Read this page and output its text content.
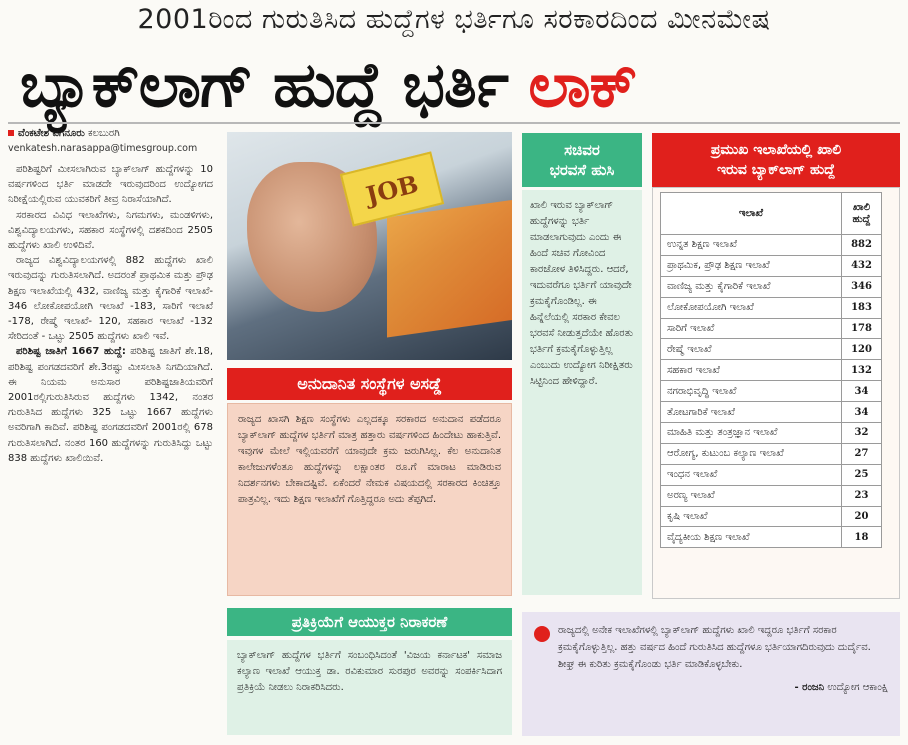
2001ರಿಂದ ಗುರುತಿಸಿದ ಹುದ್ದೆಗಳ ಭರ್ತಿಗೂ ಸರಕಾರದಿಂದ ಮೀನಮೇಷ
ಬ್ಯಾಕ್‌ಲಾಗ್ ಹುದ್ದೆ ಭರ್ತಿ ಲಾಕ್
ವೆಂಕಟೇಶ ವಗನೂರು ಕಲಬುರಗಿ
venkatesh.narasappa@timesgroup.com

ಪರಿಶಿಷ್ಟರಿಗೆ ಮೀಸಲಾಗಿರುವ ಬ್ಯಾಕ್‌ಲಾಗ್ ಹುದ್ದೆಗಳನ್ನು 10 ವರ್ಷಗಳಿಂದ ಭರ್ತಿ ಮಾಡದೇ ಇರುವುದರಿಂದ ಉದ್ಯೋಗದ ನಿರೀಕ್ಷೆಯಲ್ಲಿರುವ ಯುವಕರಿಗೆ ತೀವ್ರ ನಿರಾಸೆಯಾಗಿದೆ.

ಸರಕಾರದ ವಿವಿಧ ಇಲಾಖೆಗಳು, ನಿಗಮಗಳು, ಮಂಡಳಿಗಳು, ವಿಶ್ವವಿದ್ಯಾಲಯಗಳು, ಸಹಕಾರ ಸಂಸ್ಥೆಗಳಲ್ಲಿ ದಶಕದಿಂದ 2505 ಹುದ್ದೆಗಳು ಖಾಲಿ ಉಳಿದಿವೆ.

ರಾಜ್ಯದ ವಿಶ್ವವಿದ್ಯಾಲಯಗಳಲ್ಲಿ 882 ಹುದ್ದೆಗಳು ಖಾಲಿ ಇರುವುದನ್ನು ಗುರುತಿಸಲಾಗಿದೆ. ಅದರಂತೆ ಪ್ರಾಥಮಿಕ ಮತ್ತು ಪ್ರೌಢ ಶಿಕ್ಷಣ ಇಲಾಖೆಯಲ್ಲಿ 432, ವಾಣಿಜ್ಯ ಮತ್ತು ಕೈಗಾರಿಕೆ ಇಲಾಖೆ- 346 ಲೋಕೋಪಯೋಗಿ ಇಲಾಖೆ -183, ಸಾರಿಗೆ ಇಲಾಖೆ -178, ರೇಷ್ಮೆ ಇಲಾಖೆ- 120, ಸಹಕಾರ ಇಲಾಖೆ -132 ಸೇರಿದಂತೆ - ಒಟ್ಟು 2505 ಹುದ್ದೆಗಳು ಖಾಲಿ ಇವೆ.

ಪರಿಶಿಷ್ಟ ಜಾತಿಗೆ 1667 ಹುದ್ದೆ: ಪರಿಶಿಷ್ಟ ಜಾತಿಗೆ ಶೇ.18, ಪರಿಶಿಷ್ಟ ಪಂಗಡದವರಿಗೆ ಶೇ.3ರಷ್ಟು ಮೀಸಲಾತಿ ನಿಗದಿಯಾಗಿದೆ. ಈ ನಿಯಮ ಅನುಸಾರ ಪರಿಶಿಷ್ಟಜಾತಿಯವರಿಗೆ 2001ರಲ್ಲಿಗುರುತಿಸಿರುವ ಹುದ್ದೆಗಳು 1342, ನಂತರ ಗುರುತಿಸಿದ ಹುದ್ದೆಗಳು 325 ಒಟ್ಟು 1667 ಹುದ್ದೆಗಳು ಅವರಿಗಾಗಿ ಕಾದಿವೆ. ಪರಿಶಿಷ್ಟ ಪಂಗಡದವರಿಗೆ 2001ರಲ್ಲಿ 678 ಗುರುತಿಸಲಾಗಿದೆ. ನಂತರ 160 ಹುದ್ದೆಗಳನ್ನು ಗುರುತಿಸಿದ್ದು ಒಟ್ಟು 838 ಹುದ್ದೆಗಳು ಖಾಲಿಯಿವೆ.

JOB
ಅನುದಾನಿತ ಸಂಸ್ಥೆಗಳ ಅಸಡ್ಡೆ
ರಾಜ್ಯದ ಖಾಸಗಿ ಶಿಕ್ಷಣ ಸಂಸ್ಥೆಗಳು ಎಲ್ಲದಕ್ಕೂ ಸರಕಾರದ ಅನುದಾನ ಪಡೆದರೂ ಬ್ಯಾಕ್‌ಲಾಗ್ ಹುದ್ದೆಗಳ ಭರ್ತಿಗೆ ಮಾತ್ರ ಹತ್ತಾರು ವರ್ಷಗಳಿಂದ ಹಿಂದೇಟು ಹಾಕುತ್ತಿವೆ. ಇವುಗಳ ಮೇಲೆ ಇಲ್ಲಿಯವರೆಗೆ ಯಾವುದೇ ಕ್ರಮ ಜರುಗಿಸಿಲ್ಲ. ಕೆಲ ಅನುದಾನಿತ ಕಾಲೇಜುಗಳೆಂತೂ ಹುದ್ದೆಗಳನ್ನು ಲಕ್ಷಾಂತರ ರೂ.ಗೆ ಮಾರಾಟ ಮಾಡಿರುವ ನಿದರ್ಶನಗಳು ಬೇಕಾದಷ್ಟಿವೆ. ಏಕೆಂದರೆ ನೇಮಕ ವಿಷಯದಲ್ಲಿ ಸರಕಾರದ ಕಿಂಚಿತ್ತೂ ಪಾತ್ರವಿಲ್ಲ. ಇದು ಶಿಕ್ಷಣ ಇಲಾಖೆಗೆ ಗೊತ್ತಿದ್ದರೂ ಅದು ತೆಪ್ಪಗಿದೆ.
ಪ್ರತಿಕ್ರಿಯೆಗೆ ಆಯುಕ್ತರ ನಿರಾಕರಣೆ
ಬ್ಯಾಕ್‌ಲಾಗ್ ಹುದ್ದೆಗಳ ಭರ್ತಿಗೆ ಸಂಬಂಧಿಸಿದಂತೆ 'ವಿಜಯ ಕರ್ನಾಟಕ' ಸಮಾಜ ಕಲ್ಯಾಣ ಇಲಾಖೆ ಆಯುಕ್ತ ಡಾ. ರವಿಕುಮಾರ ಸುರಪುರ ಅವರನ್ನು ಸಂಪರ್ಕಿಸಿದಾಗ ಪ್ರತಿಕ್ರಿಯೆ ನೀಡಲು ನಿರಾಕರಿಸಿದರು.
ಸಚಿವರ
ಭರವಸೆ ಹುಸಿ
ಖಾಲಿ ಇರುವ ಬ್ಯಾಕ್‌ಲಾಗ್ ಹುದ್ದೆಗಳನ್ನು ಭರ್ತಿ ಮಾಡಲಾಗುವುದು ಎಂದು ಈ ಹಿಂದೆ ಸಚಿವ ಗೋವಿಂದ ಕಾರಜೋಳ ತಿಳಿಸಿದ್ದರು. ಆದರೆ, ಇದುವರೆಗೂ ಭರ್ತಿಗೆ ಯಾವುದೇ ಕ್ರಮಕೈಗೊಂಡಿಲ್ಲ. ಈ ಹಿನ್ನೆಲೆಯಲ್ಲಿ ಸರಕಾರ ಕೇವಲ ಭರವಸೆ ನೀಡುತ್ತದೆಯೇ ಹೊರತು ಭರ್ತಿಗೆ ಕ್ರಮಕೈಗೊಳ್ಳುತ್ತಿಲ್ಲ ಎಂಬುದು ಉದ್ಯೋಗ ನಿರೀಕ್ಷಿತರು ಸಿಟ್ಟಿನಿಂದ ಹೇಳಿದ್ದಾರೆ.
ಪ್ರಮುಖ ಇಲಾಖೆಯಲ್ಲಿ ಖಾಲಿ
ಇರುವ ಬ್ಯಾಕ್‌ಲಾಗ್ ಹುದ್ದೆ
ಇಲಾಖೆ	ಖಾಲಿ
ಹುದ್ದೆ
ಉನ್ನತ ಶಿಕ್ಷಣ ಇಲಾಖೆ	882
ಪ್ರಾಥಮಿಕ, ಪ್ರೌಢ ಶಿಕ್ಷಣ ಇಲಾಖೆ	432
ವಾಣಿಜ್ಯ ಮತ್ತು ಕೈಗಾರಿಕೆ ಇಲಾಖೆ	346
ಲೋಕೋಪಯೋಗಿ ಇಲಾಖೆ	183
ಸಾರಿಗೆ ಇಲಾಖೆ	178
ರೇಷ್ಮೆ ಇಲಾಖೆ	120
ಸಹಕಾರ ಇಲಾಖೆ	132
ನಗರಾಭಿವೃದ್ಧಿ ಇಲಾಖೆ	34
ತೋಟಗಾರಿಕೆ ಇಲಾಖೆ	34
ಮಾಹಿತಿ ಮತ್ತು ತಂತ್ರಜ್ಞಾನ ಇಲಾಖೆ	32
ಆರೋಗ್ಯ, ಕುಟುಂಬ ಕಲ್ಯಾಣ ಇಲಾಖೆ	27
ಇಂಧನ ಇಲಾಖೆ	25
ಅರಣ್ಯ ಇಲಾಖೆ	23
ಕೃಷಿ ಇಲಾಖೆ	20
ವೈದ್ಯಕೀಯ ಶಿಕ್ಷಣ ಇಲಾಖೆ	18
ರಾಜ್ಯದಲ್ಲಿ ಅನೇಕ ಇಲಾಖೆಗಳಲ್ಲಿ ಬ್ಯಾಕ್‌ಲಾಗ್ ಹುದ್ದೆಗಳು ಖಾಲಿ ಇದ್ದರೂ ಭರ್ತಿಗೆ ಸರಕಾರ ಕ್ರಮಕೈಗೊಳ್ಳುತ್ತಿಲ್ಲ. ಹತ್ತು ವರ್ಷದ ಹಿಂದೆ ಗುರುತಿಸಿದ ಹುದ್ದೆಗಳೂ ಭರ್ತಿಯಾಗದಿರುವುದು ದುರ್ದೈವ. ಶೀಘ್ರ ಈ ಕುರಿತು ಕ್ರಮಕೈಗೊಂಡು ಭರ್ತಿ ಮಾಡಿಕೊಳ್ಳಬೇಕು.
- ರಂಜನಿ ಉದ್ಯೋಗ ಆಕಾಂಕ್ಷಿ
